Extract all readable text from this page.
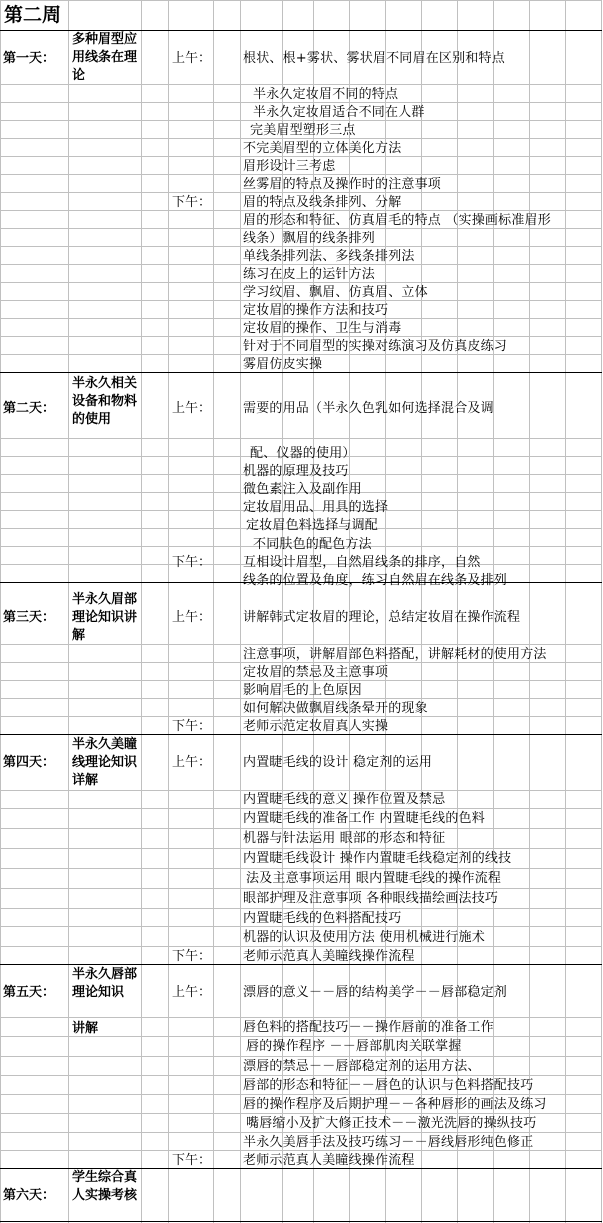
第二周
第一天：
多种眉型应用线条在理论
上午： 根状、根+雾状、雾状眉不同眉在区别和特点
半永久定妆眉不同的特点
半永久定妆眉适合不同在人群
完美眉型塑形三点
不完美眉型的立体美化方法
眉形设计三考虑
丝雾眉的特点及操作时的注意事项
下午： 眉的特点及线条排列、分解
眉的形态和特征、仿真眉毛的特点 （实操画标准眉形
线条）飘眉的线条排列
单线条排列法、多线条排列法
练习在皮上的运针方法
学习纹眉、飘眉、仿真眉、立体
定妆眉的操作方法和技巧
定妆眉的操作、卫生与消毒
针对于不同眉型的实操对练演习及仿真皮练习
雾眉仿皮实操
第二天：
半永久相关设备和物料的使用
上午： 需要的用品（半永久色乳如何选择混合及调
配、仪器的使用）
机器的原理及技巧
微色素注入及副作用
定妆眉用品、用具的选择
定妆眉色料选择与调配
不同肤色的配色方法
下午： 互相设计眉型，自然眉线条的排序，自然
线条的位置及角度，练习自然眉在线条及排列
第三天：
半永久眉部理论知识讲解
上午： 讲解韩式定妆眉的理论，总结定妆眉在操作流程
注意事项，讲解眉部色料搭配，讲解耗材的使用方法
定妆眉的禁忌及主意事项
影响眉毛的上色原因
如何解决做飘眉线条晕开的现象
下午： 老师示范定妆眉真人实操
第四天：
半永久美瞳线理论知识详解
上午： 内置睫毛线的设计 稳定剂的运用
内置睫毛线的意义 操作位置及禁忌
内置睫毛线的准备工作 内置睫毛线的色料
机器与针法运用 眼部的形态和特征
内置睫毛线设计 操作内置睫毛线稳定剂的线技
法及主意事项运用 眼内置睫毛线的操作流程
眼部护理及注意事项 各种眼线描绘画法技巧
内置睫毛线的色料搭配技巧
机器的认识及使用方法 使用机械进行施术
下午： 老师示范真人美瞳线操作流程
第五天：
半永久唇部理论知识
讲解
上午： 漂唇的意义－－唇的结构美学－－唇部稳定剂
唇色料的搭配技巧－－操作唇前的准备工作
唇的操作程序 －－唇部肌肉关联掌握
漂唇的禁忌－－唇部稳定剂的运用方法、
唇部的形态和特征－－唇色的认识与色料搭配技巧
唇的操作程序及后期护理－－各种唇形的画法及练习
嘴唇缩小及扩大修正技术－－激光洗唇的操纵技巧
半永久美唇手法及技巧练习－－唇线唇形纯色修正
下午： 老师示范真人美瞳线操作流程
第六天：
学生综合真人实操考核
